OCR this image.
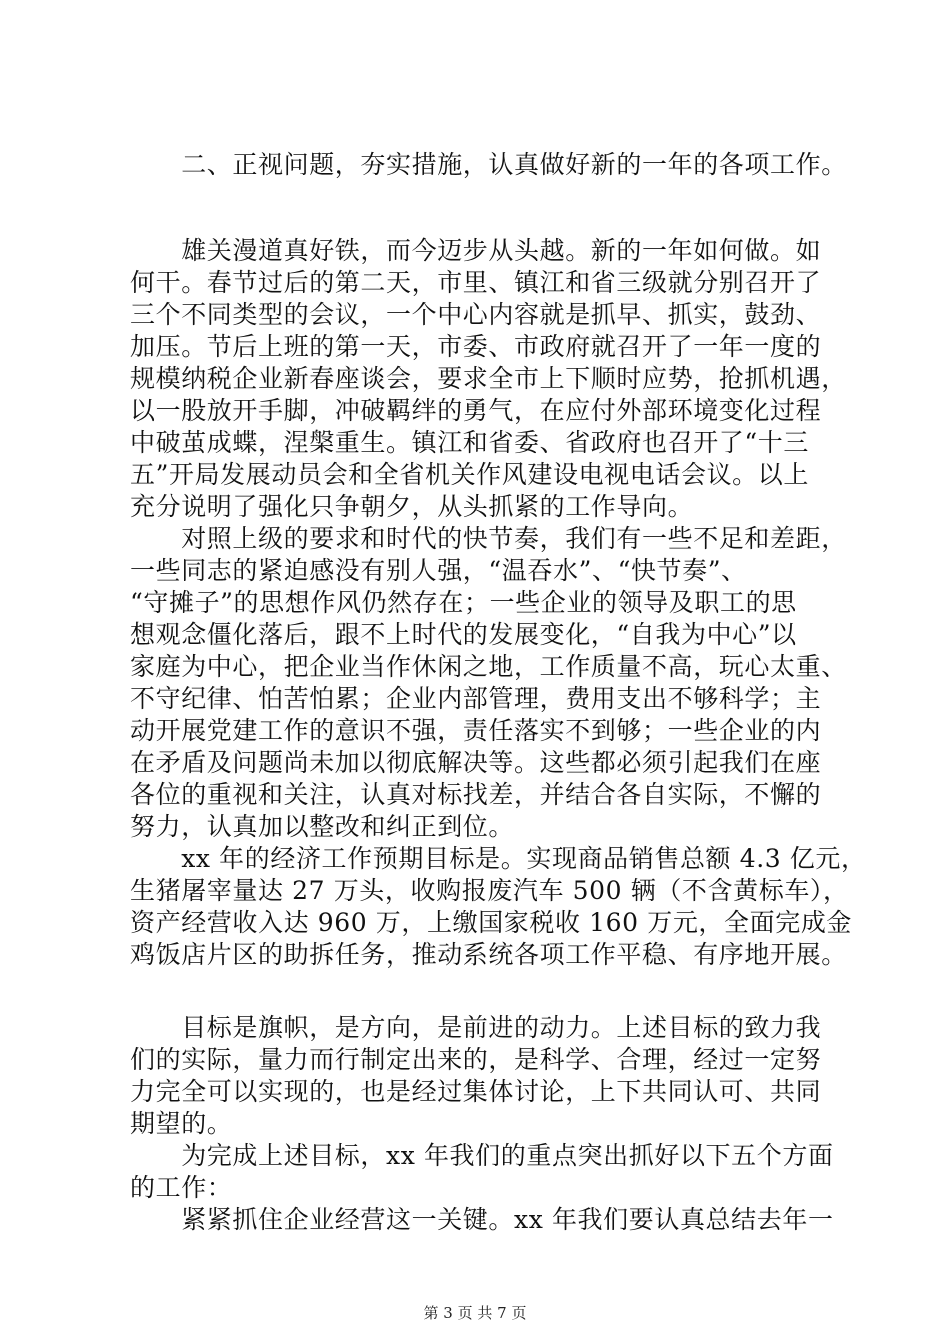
　　二、正视问题，夯实措施，认真做好新的一年的各项工作。
　　雄关漫道真好铁，而今迈步从头越。新的一年如何做。如
何干。春节过后的第二天，市里、镇江和省三级就分别召开了
三个不同类型的会议，一个中心内容就是抓早、抓实，鼓劲、
加压。节后上班的第一天，市委、市政府就召开了一年一度的
规模纳税企业新春座谈会，要求全市上下顺时应势，抢抓机遇，
以一股放开手脚，冲破羁绊的勇气，在应付外部环境变化过程
中破茧成蝶，涅槃重生。镇江和省委、省政府也召开了“十三
五”开局发展动员会和全省机关作风建设电视电话会议。以上
充分说明了强化只争朝夕，从头抓紧的工作导向。
　　对照上级的要求和时代的快节奏，我们有一些不足和差距，
一些同志的紧迫感没有别人强，“温吞水”、“快节奏”、
“守摊子”的思想作风仍然存在；一些企业的领导及职工的思
想观念僵化落后，跟不上时代的发展变化，“自我为中心”以
家庭为中心，把企业当作休闲之地，工作质量不高，玩心太重、
不守纪律、怕苦怕累；企业内部管理，费用支出不够科学；主
动开展党建工作的意识不强，责任落实不到够；一些企业的内
在矛盾及问题尚未加以彻底解决等。这些都必须引起我们在座
各位的重视和关注，认真对标找差，并结合各自实际，不懈的
努力，认真加以整改和纠正到位。
　　xx 年的经济工作预期目标是。实现商品销售总额 4.3 亿元，
生猪屠宰量达 27 万头，收购报废汽车 500 辆（不含黄标车），
资产经营收入达 960 万，上缴国家税收 160 万元，全面完成金
鸡饭店片区的助拆任务，推动系统各项工作平稳、有序地开展。
　　目标是旗帜，是方向，是前进的动力。上述目标的致力我
们的实际，量力而行制定出来的，是科学、合理，经过一定努
力完全可以实现的，也是经过集体讨论，上下共同认可、共同
期望的。
　　为完成上述目标，xx 年我们的重点突出抓好以下五个方面
的工作：
　　紧紧抓住企业经营这一关键。xx 年我们要认真总结去年一
第 3 页 共 7 页
